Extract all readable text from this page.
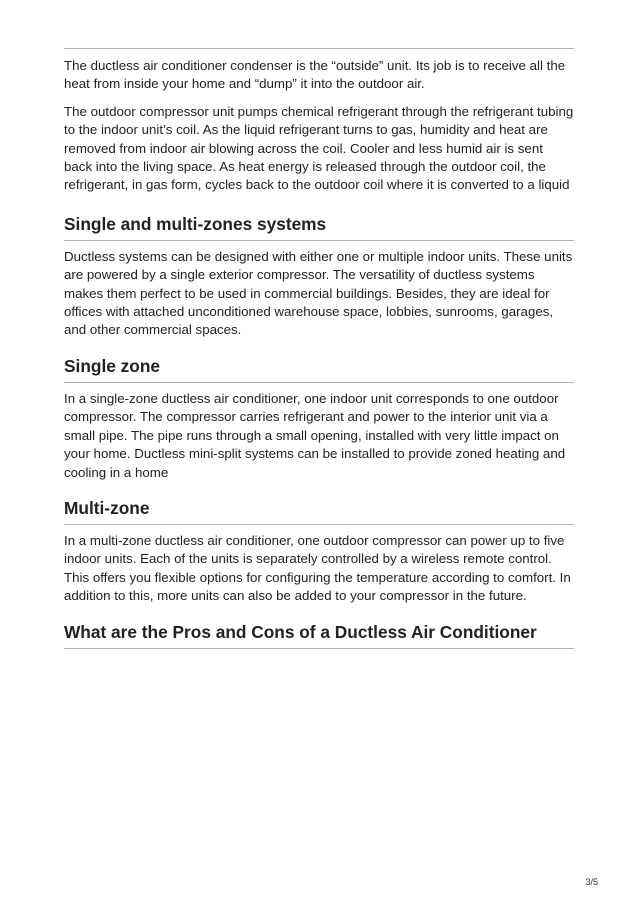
The ductless air conditioner condenser is the “outside” unit. Its job is to receive all the heat from inside your home and “dump” it into the outdoor air.

The outdoor compressor unit pumps chemical refrigerant through the refrigerant tubing to the indoor unit’s coil. As the liquid refrigerant turns to gas, humidity and heat are removed from indoor air blowing across the coil. Cooler and less humid air is sent back into the living space. As heat energy is released through the outdoor coil, the refrigerant, in gas form, cycles back to the outdoor coil where it is converted to a liquid

Single and multi-zones systems

Ductless systems can be designed with either one or multiple indoor units. These units are powered by a single exterior compressor. The versatility of ductless systems makes them perfect to be used in commercial buildings. Besides, they are ideal for offices with attached unconditioned warehouse space, lobbies, sunrooms, garages, and other commercial spaces.

Single zone

In a single-zone ductless air conditioner, one indoor unit corresponds to one outdoor compressor. The compressor carries refrigerant and power to the interior unit via a small pipe. The pipe runs through a small opening, installed with very little impact on your home. Ductless mini-split systems can be installed to provide zoned heating and cooling in a home

Multi-zone

In a multi-zone ductless air conditioner, one outdoor compressor can power up to five indoor units. Each of the units is separately controlled by a wireless remote control. This offers you flexible options for configuring the temperature according to comfort. In addition to this, more units can also be added to your compressor in the future.

What are the Pros and Cons of a Ductless Air Conditioner
3/5
